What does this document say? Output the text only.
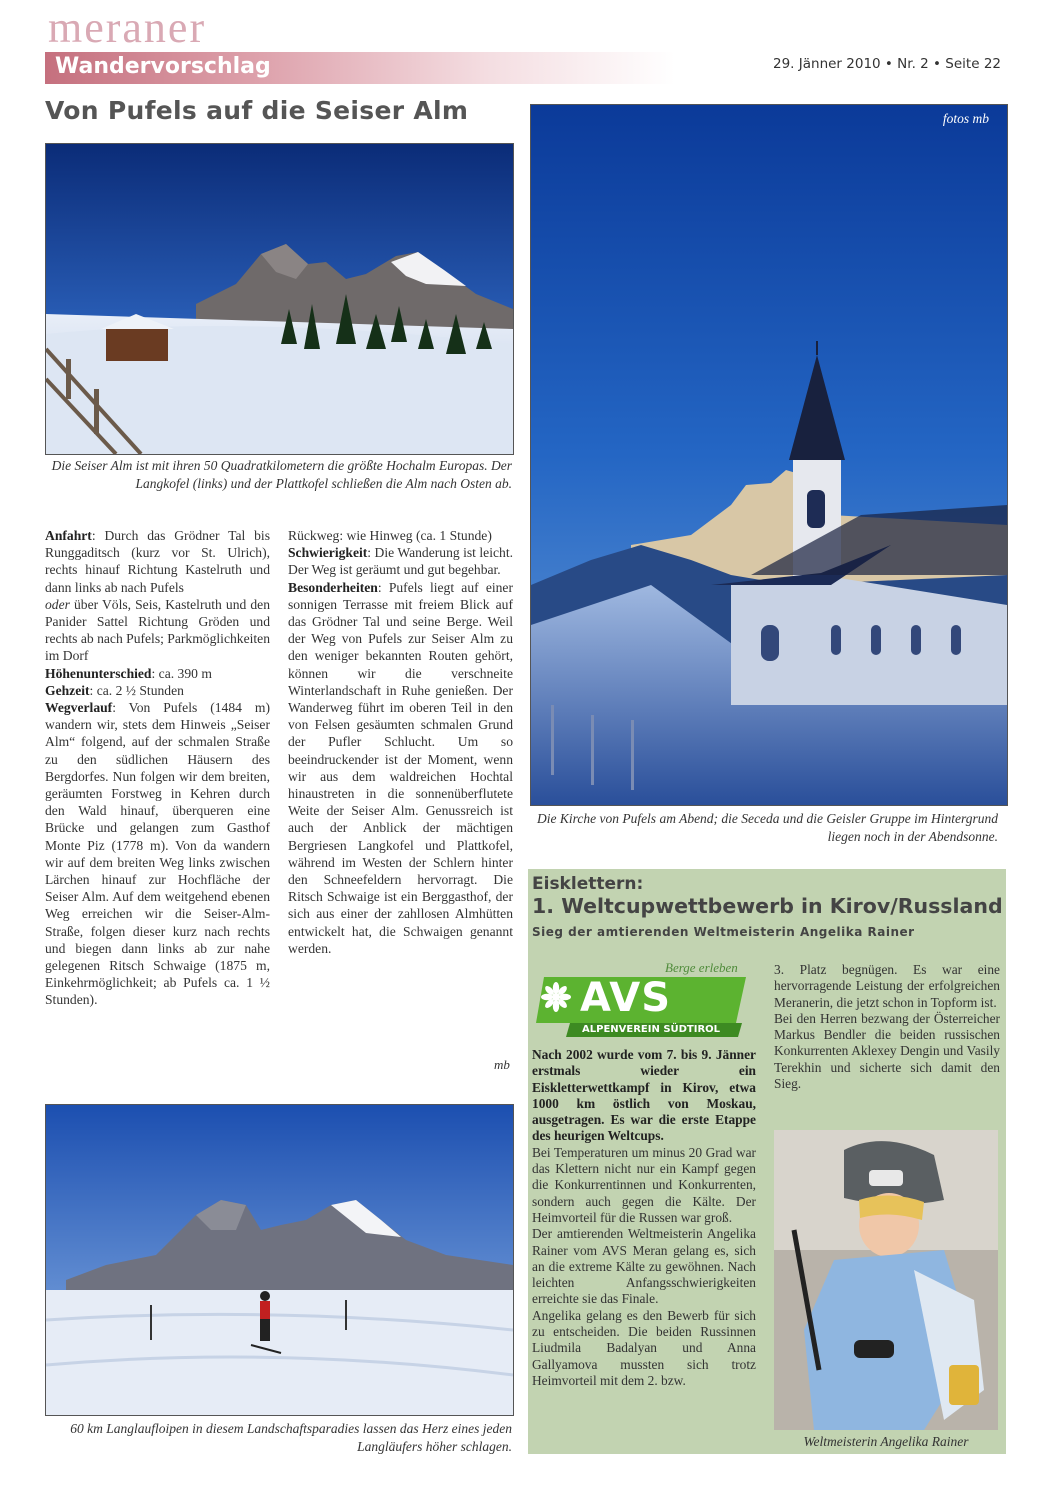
meraner
Wandervorschlag	29. Jänner 2010 • Nr. 2 • Seite 22
Von Pufels auf die Seiser Alm
Die Seiser Alm ist mit ihren 50 Quadratkilometern die größte Hochalm Europas. Der Langkofel (links) und der Plattkofel schließen die Alm nach Osten ab.

Anfahrt: Durch das Grödner Tal bis Runggaditsch (kurz vor St. Ulrich), rechts hinauf Richtung Kastelruth und dann links ab nach Pufels

oder über Völs, Seis, Kastelruth und den Panider Sattel Richtung Gröden und rechts ab nach Pufels; Parkmöglichkeiten im Dorf

Höhenunterschied: ca. 390 m

Gehzeit: ca. 2 ½ Stunden

Wegverlauf: Von Pufels (1484 m) wandern wir, stets dem Hinweis „Seiser Alm“ folgend, auf der schmalen Straße zu den südlichen Häusern des Bergdorfes. Nun folgen wir dem breiten, geräumten Forstweg in Kehren durch den Wald hinauf, überqueren eine Brücke und gelangen zum Gasthof Monte Piz (1778 m). Von da wandern wir auf dem breiten Weg links zwischen Lärchen hinauf zur Hochfläche der Seiser Alm. Auf dem weitgehend ebenen Weg erreichen wir die Seiser-Alm-Straße, folgen dieser kurz nach rechts und biegen dann links ab zur nahe gelegenen Ritsch Schwaige (1875 m, Einkehrmöglichkeit; ab Pufels ca. 1 ½ Stunden).

Rückweg: wie Hinweg (ca. 1 Stunde)

Schwierigkeit: Die Wanderung ist leicht. Der Weg ist geräumt und gut begehbar.

Besonderheiten: Pufels liegt auf einer sonnigen Terrasse mit freiem Blick auf das Grödner Tal und seine Berge. Weil der Weg von Pufels zur Seiser Alm zu den weniger bekannten Routen gehört, können wir die verschneite Winterlandschaft in Ruhe genießen. Der Wanderweg führt im oberen Teil in den von Felsen gesäumten schmalen Grund der Pufler Schlucht. Um so beeindruckender ist der Moment, wenn wir aus dem waldreichen Hochtal hinaustreten in die sonnenüberflutete Weite der Seiser Alm. Genussreich ist auch der Anblick der mächtigen Bergriesen Langkofel und Plattkofel, während im Westen der Schlern hinter den Schneefeldern hervorragt. Die Ritsch Schwaige ist ein Berggasthof, der sich aus einer der zahllosen Almhütten entwickelt hat, die Schwaigen genannt werden.

mb
60 km Langlaufloipen in diesem Landschaftsparadies lassen das Herz eines jeden Langläufers höher schlagen.
fotos mb
Die Kirche von Pufels am Abend; die Seceda und die Geisler Gruppe im Hintergrund liegen noch in der Abendsonne.
Eisklettern:
1. Weltcupwettbewerb in Kirov/Russland
Sieg der amtierenden Weltmeisterin Angelika Rainer
Berge erleben
AVS
ALPENVEREIN SÜDTIROL

Nach 2002 wurde vom 7. bis 9. Jänner erstmals wieder ein Eiskletterwettkampf in Kirov, etwa 1000 km östlich von Moskau, ausgetragen. Es war die erste Etappe des heurigen Weltcups.

Bei Temperaturen um minus 20 Grad war das Klettern nicht nur ein Kampf gegen die Konkurrentinnen und Konkurrenten, sondern auch gegen die Kälte. Der Heimvorteil für die Russen war groß.

Der amtierenden Weltmeisterin Angelika Rainer vom AVS Meran gelang es, sich an die extreme Kälte zu gewöhnen. Nach leichten Anfangsschwierigkeiten erreichte sie das Finale.

Angelika gelang es den Bewerb für sich zu entscheiden. Die beiden Russinnen Liudmila Badalyan und Anna Gallyamova mussten sich trotz Heimvorteil mit dem 2. bzw.

3. Platz begnügen. Es war eine hervorragende Leistung der erfolgreichen Meranerin, die jetzt schon in Topform ist.

Bei den Herren bezwang der Österreicher Markus Bendler die beiden russischen Konkurrenten Aklexey Dengin und Vasily Terekhin und sicherte sich damit den Sieg.

Weltmeisterin Angelika Rainer
